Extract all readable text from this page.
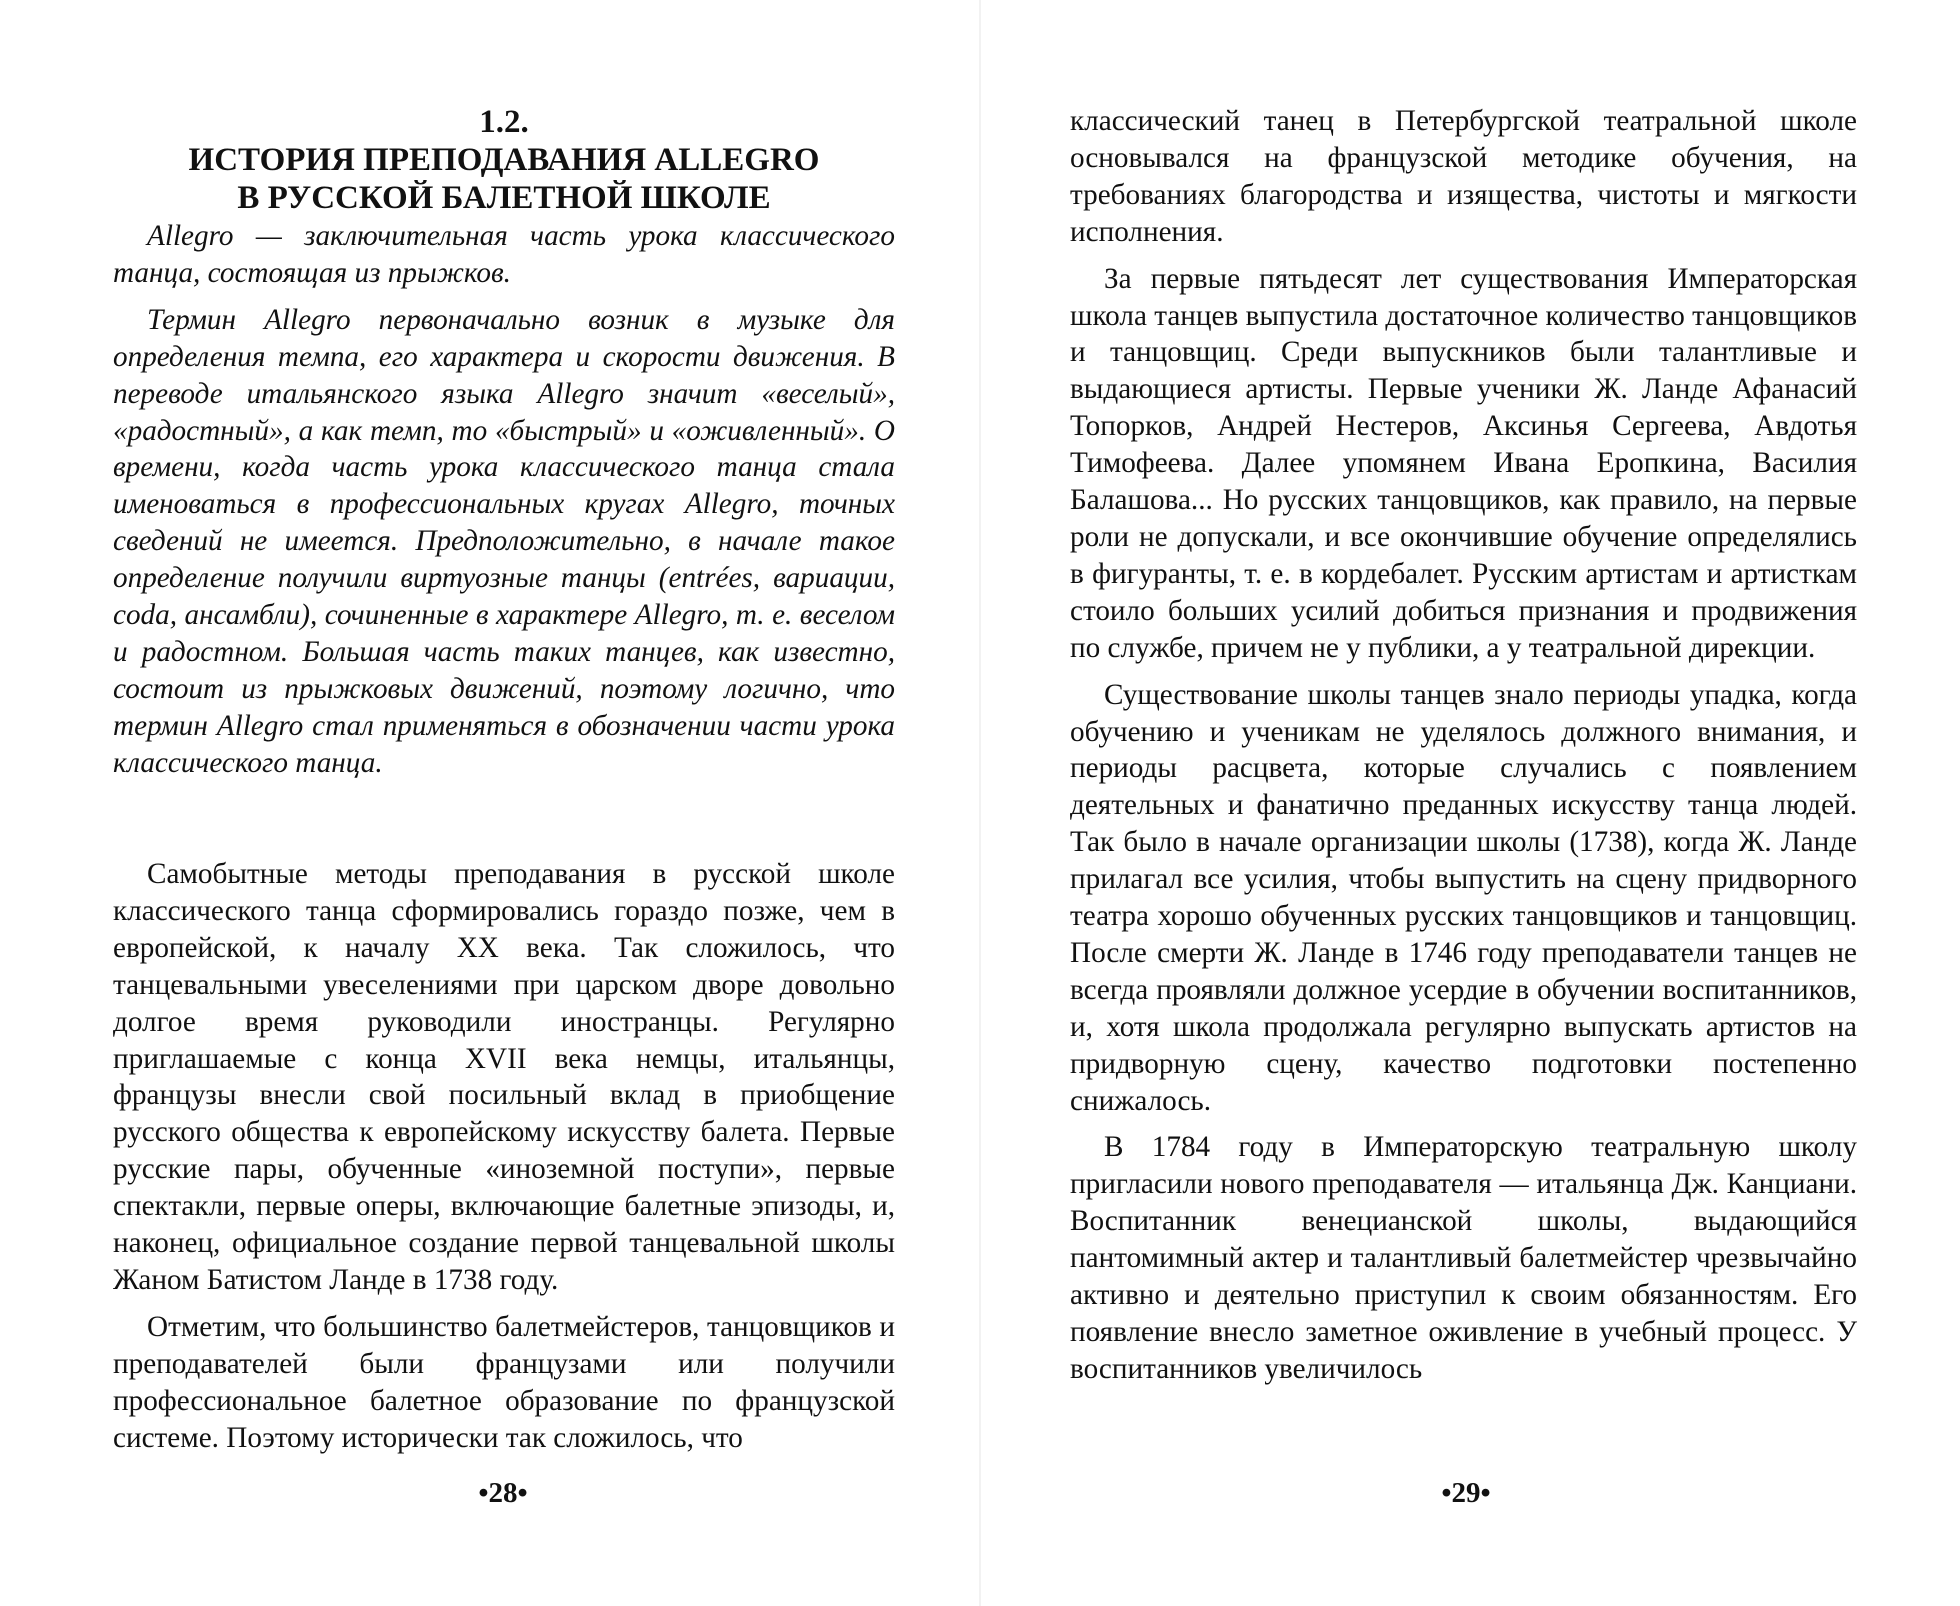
1.2.
ИСТОРИЯ ПРЕПОДАВАНИЯ ALLEGRO
В РУССКОЙ БАЛЕТНОЙ ШКОЛЕ

Allegro — заключительная часть урока классического танца, состоящая из прыжков.

Термин Allegro первоначально возник в музыке для определения темпа, его характера и скорости движения. В переводе итальянского языка Allegro значит «веселый», «радостный», а как темп, то «быстрый» и «оживленный». О времени, когда часть урока классического танца стала именоваться в профессиональных кругах Allegro, точных сведений не имеется. Предположительно, в начале такое определение получили виртуозные танцы (entrées, вариации, coda, ансамбли), сочиненные в характере Allegro, т. е. веселом и радостном. Большая часть таких танцев, как известно, состоит из прыжковых движений, поэтому логично, что термин Allegro стал применяться в обозначении части урока классического танца.

Самобытные методы преподавания в русской школе классического танца сформировались гораздо позже, чем в европейской, к началу XX века. Так сложилось, что танцевальными увеселениями при царском дворе довольно долгое время руководили иностранцы. Регулярно приглашаемые с конца XVII века немцы, итальянцы, французы внесли свой посильный вклад в приобщение русского общества к европейскому искусству балета. Первые русские пары, обученные «иноземной поступи», первые спектакли, первые оперы, включающие балетные эпизоды, и, наконец, официальное создание первой танцевальной школы Жаном Батистом Ланде в 1738 году.

Отметим, что большинство балетмейстеров, танцовщиков и преподавателей были французами или получили профессиональное балетное образование по французской системе. Поэтому исторически так сложилось, что

•28•

классический танец в Петербургской театральной школе основывался на французской методике обучения, на требованиях благородства и изящества, чистоты и мягкости исполнения.

За первые пятьдесят лет существования Императорская школа танцев выпустила достаточное количество танцовщиков и танцовщиц. Среди выпускников были талантливые и выдающиеся артисты. Первые ученики Ж. Ланде Афанасий Топорков, Андрей Нестеров, Аксинья Сергеева, Авдотья Тимофеева. Далее упомянем Ивана Еропкина, Василия Балашова... Но русских танцовщиков, как правило, на первые роли не допускали, и все окончившие обучение определялись в фигуранты, т. е. в кордебалет. Русским артистам и артисткам стоило больших усилий добиться признания и продвижения по службе, причем не у публики, а у театральной дирекции.

Существование школы танцев знало периоды упадка, когда обучению и ученикам не уделялось должного внимания, и периоды расцвета, которые случались с появлением деятельных и фанатично преданных искусству танца людей. Так было в начале организации школы (1738), когда Ж. Ланде прилагал все усилия, чтобы выпустить на сцену придворного театра хорошо обученных русских танцовщиков и танцовщиц. После смерти Ж. Ланде в 1746 году преподаватели танцев не всегда проявляли должное усердие в обучении воспитанников, и, хотя школа продолжала регулярно выпускать артистов на придворную сцену, качество подготовки постепенно снижалось.

В 1784 году в Императорскую театральную школу пригласили нового преподавателя — итальянца Дж. Канциани. Воспитанник венецианской школы, выдающийся пантомимный актер и талантливый балетмейстер чрезвычайно активно и деятельно приступил к своим обязанностям. Его появление внесло заметное оживление в учебный процесс. У воспитанников увеличилось

•29•
